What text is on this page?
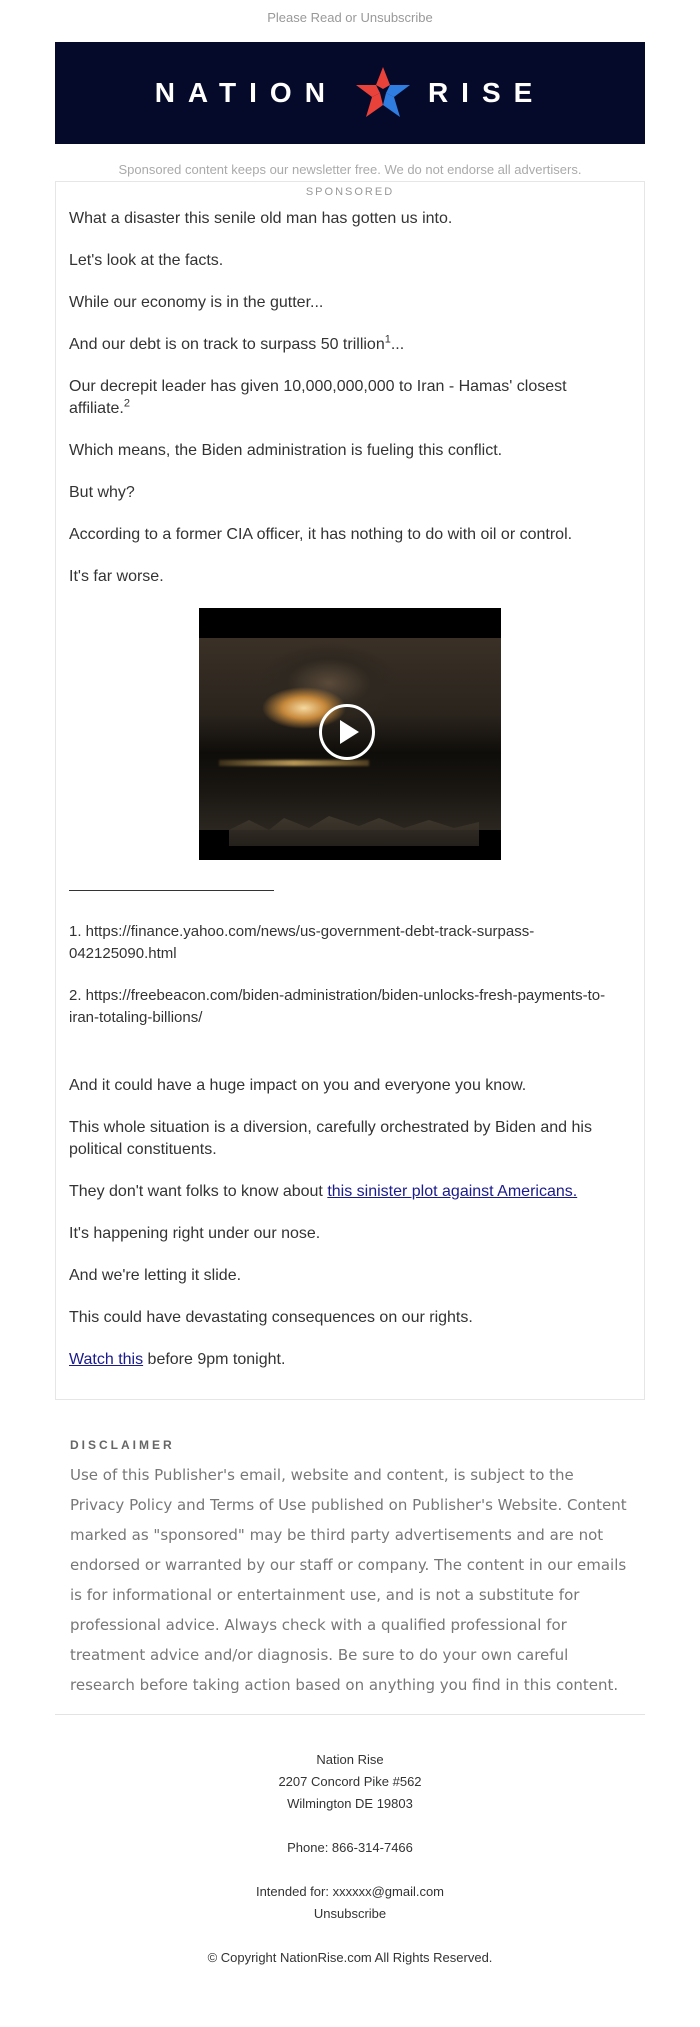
Please Read or Unsubscribe
NATION	RISE
Sponsored content keeps our newsletter free. We do not endorse all advertisers.
SPONSORED

What a disaster this senile old man has gotten us into.

Let's look at the facts.

While our economy is in the gutter...

And our debt is on track to surpass 50 trillion$^1$...

Our decrepit leader has given 10,000,000,000 to Iran - Hamas' closest affiliate.$^2$

Which means, the Biden administration is fueling this conflict.

But why?

According to a former CIA officer, it has nothing to do with oil or control.

It's far worse.

1. https://finance.yahoo.com/news/us-government-debt-track-surpass-042125090.html

2. https://freebeacon.com/biden-administration/biden-unlocks-fresh-payments-to-iran-totaling-billions/

And it could have a huge impact on you and everyone you know.

This whole situation is a diversion, carefully orchestrated by Biden and his political constituents.

They don't want folks to know about this sinister plot against Americans.

It's happening right under our nose.

And we're letting it slide.

This could have devastating consequences on our rights.

Watch this before 9pm tonight.

DISCLAIMER
Use of this Publisher's email, website and content, is subject to the Privacy Policy and Terms of Use published on Publisher's Website. Content marked as "sponsored" may be third party advertisements and are not endorsed or warranted by our staff or company. The content in our emails is for informational or entertainment use, and is not a substitute for professional advice. Always check with a qualified professional for treatment advice and/or diagnosis. Be sure to do your own careful research before taking action based on anything you find in this content.
Nation Rise
2207 Concord Pike #562
Wilmington DE 19803
Phone: 866-314-7466
Intended for: xxxxxx@gmail.com
Unsubscribe
© Copyright NationRise.com All Rights Reserved.
